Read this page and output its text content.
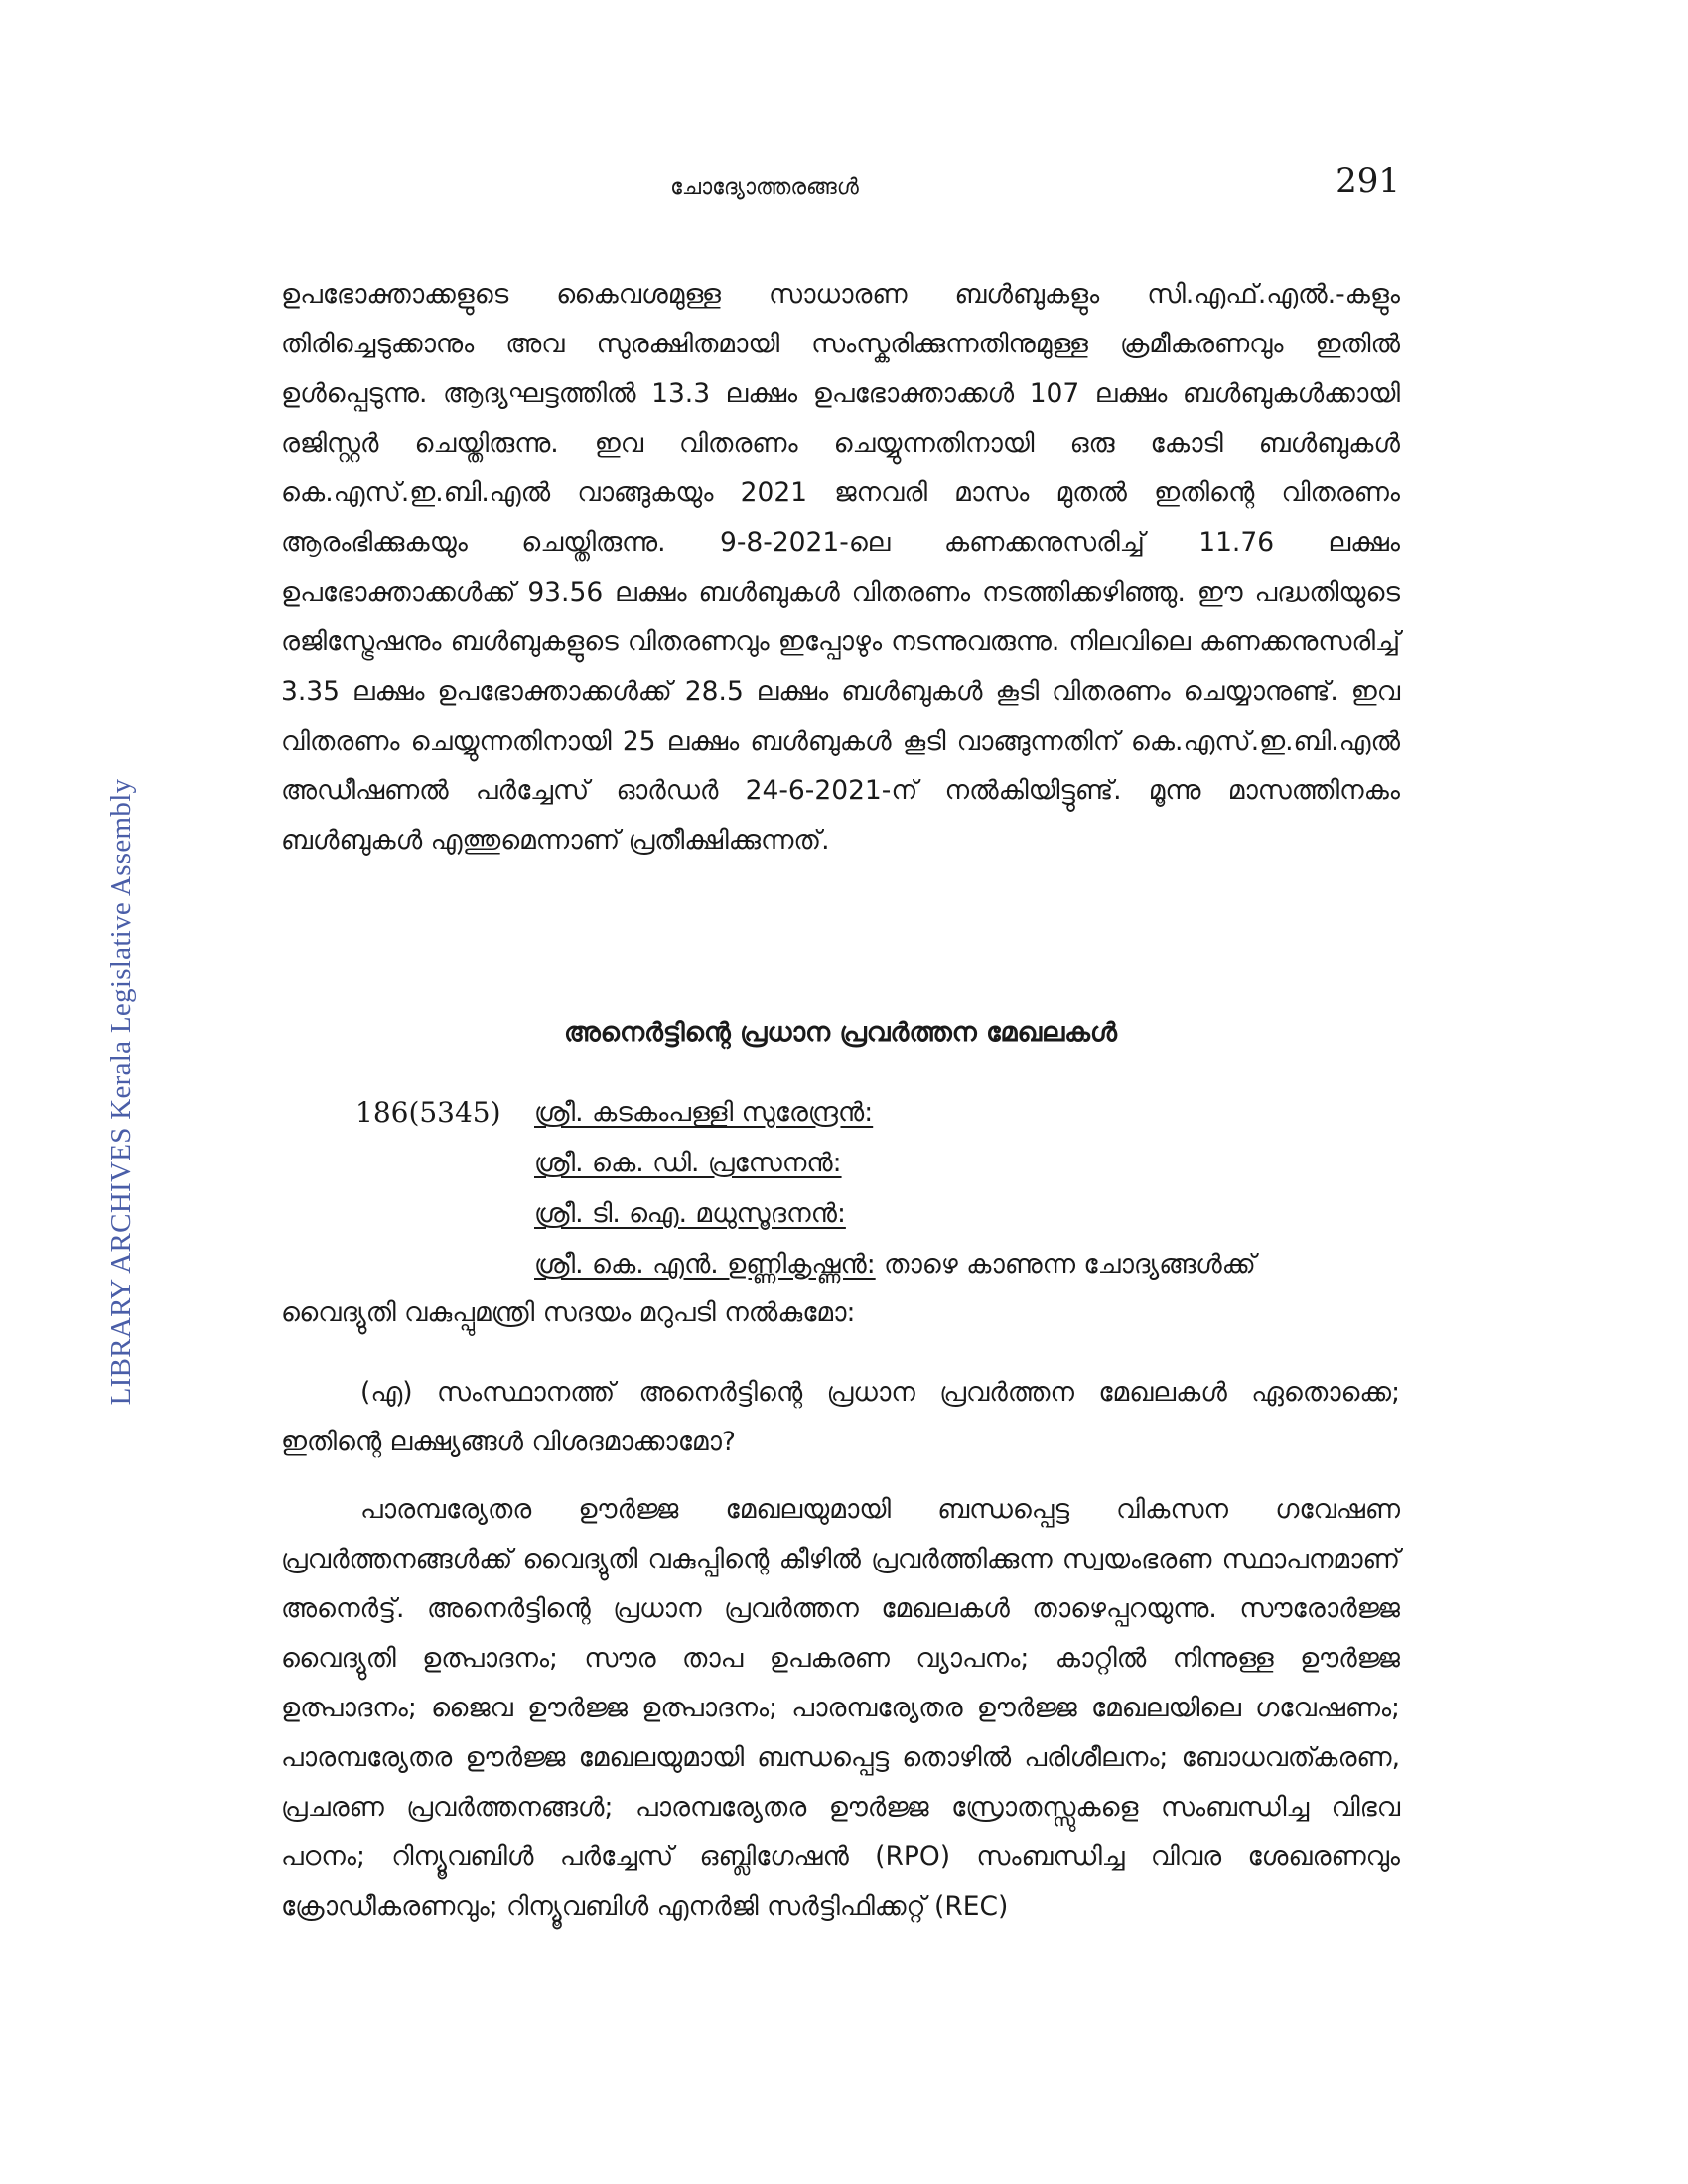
ചോദ്യോത്തരങ്ങൾ	291
LIBRARY ARCHIVES Kerala Legislative Assembly

ഉപഭോക്താക്കളുടെ കൈവശമുള്ള സാധാരണ ബൾബുകളും സി.എഫ്.എൽ.-കളും തിരിച്ചെടുക്കാനും അവ സുരക്ഷിതമായി സംസ്കരിക്കുന്നതിനുമുള്ള ക്രമീകരണവും ഇതിൽ ഉൾപ്പെടുന്നു. ആദ്യഘട്ടത്തിൽ 13.3 ലക്ഷം ഉപഭോക്താക്കൾ 107 ലക്ഷം ബൾബുകൾക്കായി രജിസ്റ്റർ ചെയ്തിരുന്നു. ഇവ വിതരണം ചെയ്യുന്നതിനായി ഒരു കോടി ബൾബുകൾ കെ.എസ്.ഇ.ബി.എൽ വാങ്ങുകയും 2021 ജനവരി മാസം മുതൽ ഇതിന്റെ വിതരണം ആരംഭിക്കുകയും ചെയ്തിരുന്നു. 9-8-2021-ലെ കണക്കനുസരിച്ച് 11.76 ലക്ഷം ഉപഭോക്താക്കൾക്ക് 93.56 ലക്ഷം ബൾബുകൾ വിതരണം നടത്തിക്കഴിഞ്ഞു. ഈ പദ്ധതിയുടെ രജിസ്ട്രേഷനും ബൾബുകളുടെ വിതരണവും ഇപ്പോഴും നടന്നുവരുന്നു. നിലവിലെ കണക്കനുസരിച്ച് 3.35 ലക്ഷം ഉപഭോക്താക്കൾക്ക് 28.5 ലക്ഷം ബൾബുകൾ കൂടി വിതരണം ചെയ്യാനുണ്ട്. ഇവ വിതരണം ചെയ്യുന്നതിനായി 25 ലക്ഷം ബൾബുകൾ കൂടി വാങ്ങുന്നതിന് കെ.എസ്.ഇ.ബി.എൽ അഡീഷണൽ പർച്ചേസ് ഓർഡർ 24-6-2021-ന് നൽകിയിട്ടുണ്ട്. മൂന്നു മാസത്തിനകം ബൾബുകൾ എത്തുമെന്നാണ് പ്രതീക്ഷിക്കുന്നത്.

അനെർട്ടിന്റെ പ്രധാന പ്രവർത്തന മേഖലകൾ
186(5345) ശ്രീ. കടകംപള്ളി സുരേന്ദ്രൻ:
ശ്രീ. കെ. ഡി. പ്രസേനൻ:
ശ്രീ. ടി. ഐ. മധുസൂദനൻ:
ശ്രീ. കെ. എൻ. ഉണ്ണികൃഷ്ണൻ: താഴെ കാണുന്ന ചോദ്യങ്ങൾക്ക്

വൈദ്യുതി വകുപ്പുമന്ത്രി സദയം മറുപടി നൽകുമോ:

(എ) സംസ്ഥാനത്ത് അനെർട്ടിന്റെ പ്രധാന പ്രവർത്തന മേഖലകൾ ഏതൊക്കെ; ഇതിന്റെ ലക്ഷ്യങ്ങൾ വിശദമാക്കാമോ?

പാരമ്പര്യേതര ഊർജ്ജ മേഖലയുമായി ബന്ധപ്പെട്ട വികസന ഗവേഷണ പ്രവർത്തനങ്ങൾക്ക് വൈദ്യുതി വകുപ്പിന്റെ കീഴിൽ പ്രവർത്തിക്കുന്ന സ്വയംഭരണ സ്ഥാപനമാണ് അനെർട്ട്. അനെർട്ടിന്റെ പ്രധാന പ്രവർത്തന മേഖലകൾ താഴെപ്പറയുന്നു. സൗരോർജ്ജ വൈദ്യുതി ഉത്പാദനം; സൗര താപ ഉപകരണ വ്യാപനം; കാറ്റിൽ നിന്നുള്ള ഊർജ്ജ ഉത്പാദനം; ജൈവ ഊർജ്ജ ഉത്പാദനം; പാരമ്പര്യേതര ഊർജ്ജ മേഖലയിലെ ഗവേഷണം; പാരമ്പര്യേതര ഊർജ്ജ മേഖലയുമായി ബന്ധപ്പെട്ട തൊഴിൽ പരിശീലനം; ബോധവത്കരണ, പ്രചരണ പ്രവർത്തനങ്ങൾ; പാരമ്പര്യേതര ഊർജ്ജ സ്രോതസ്സുകളെ സംബന്ധിച്ച വിഭവ പഠനം; റിന്യൂവബിൾ പർച്ചേസ് ഒബ്ലിഗേഷൻ (RPO) സംബന്ധിച്ച വിവര ശേഖരണവും ക്രോഡീകരണവും; റിന്യൂവബിൾ എനർജി സർട്ടിഫിക്കറ്റ് (REC)
